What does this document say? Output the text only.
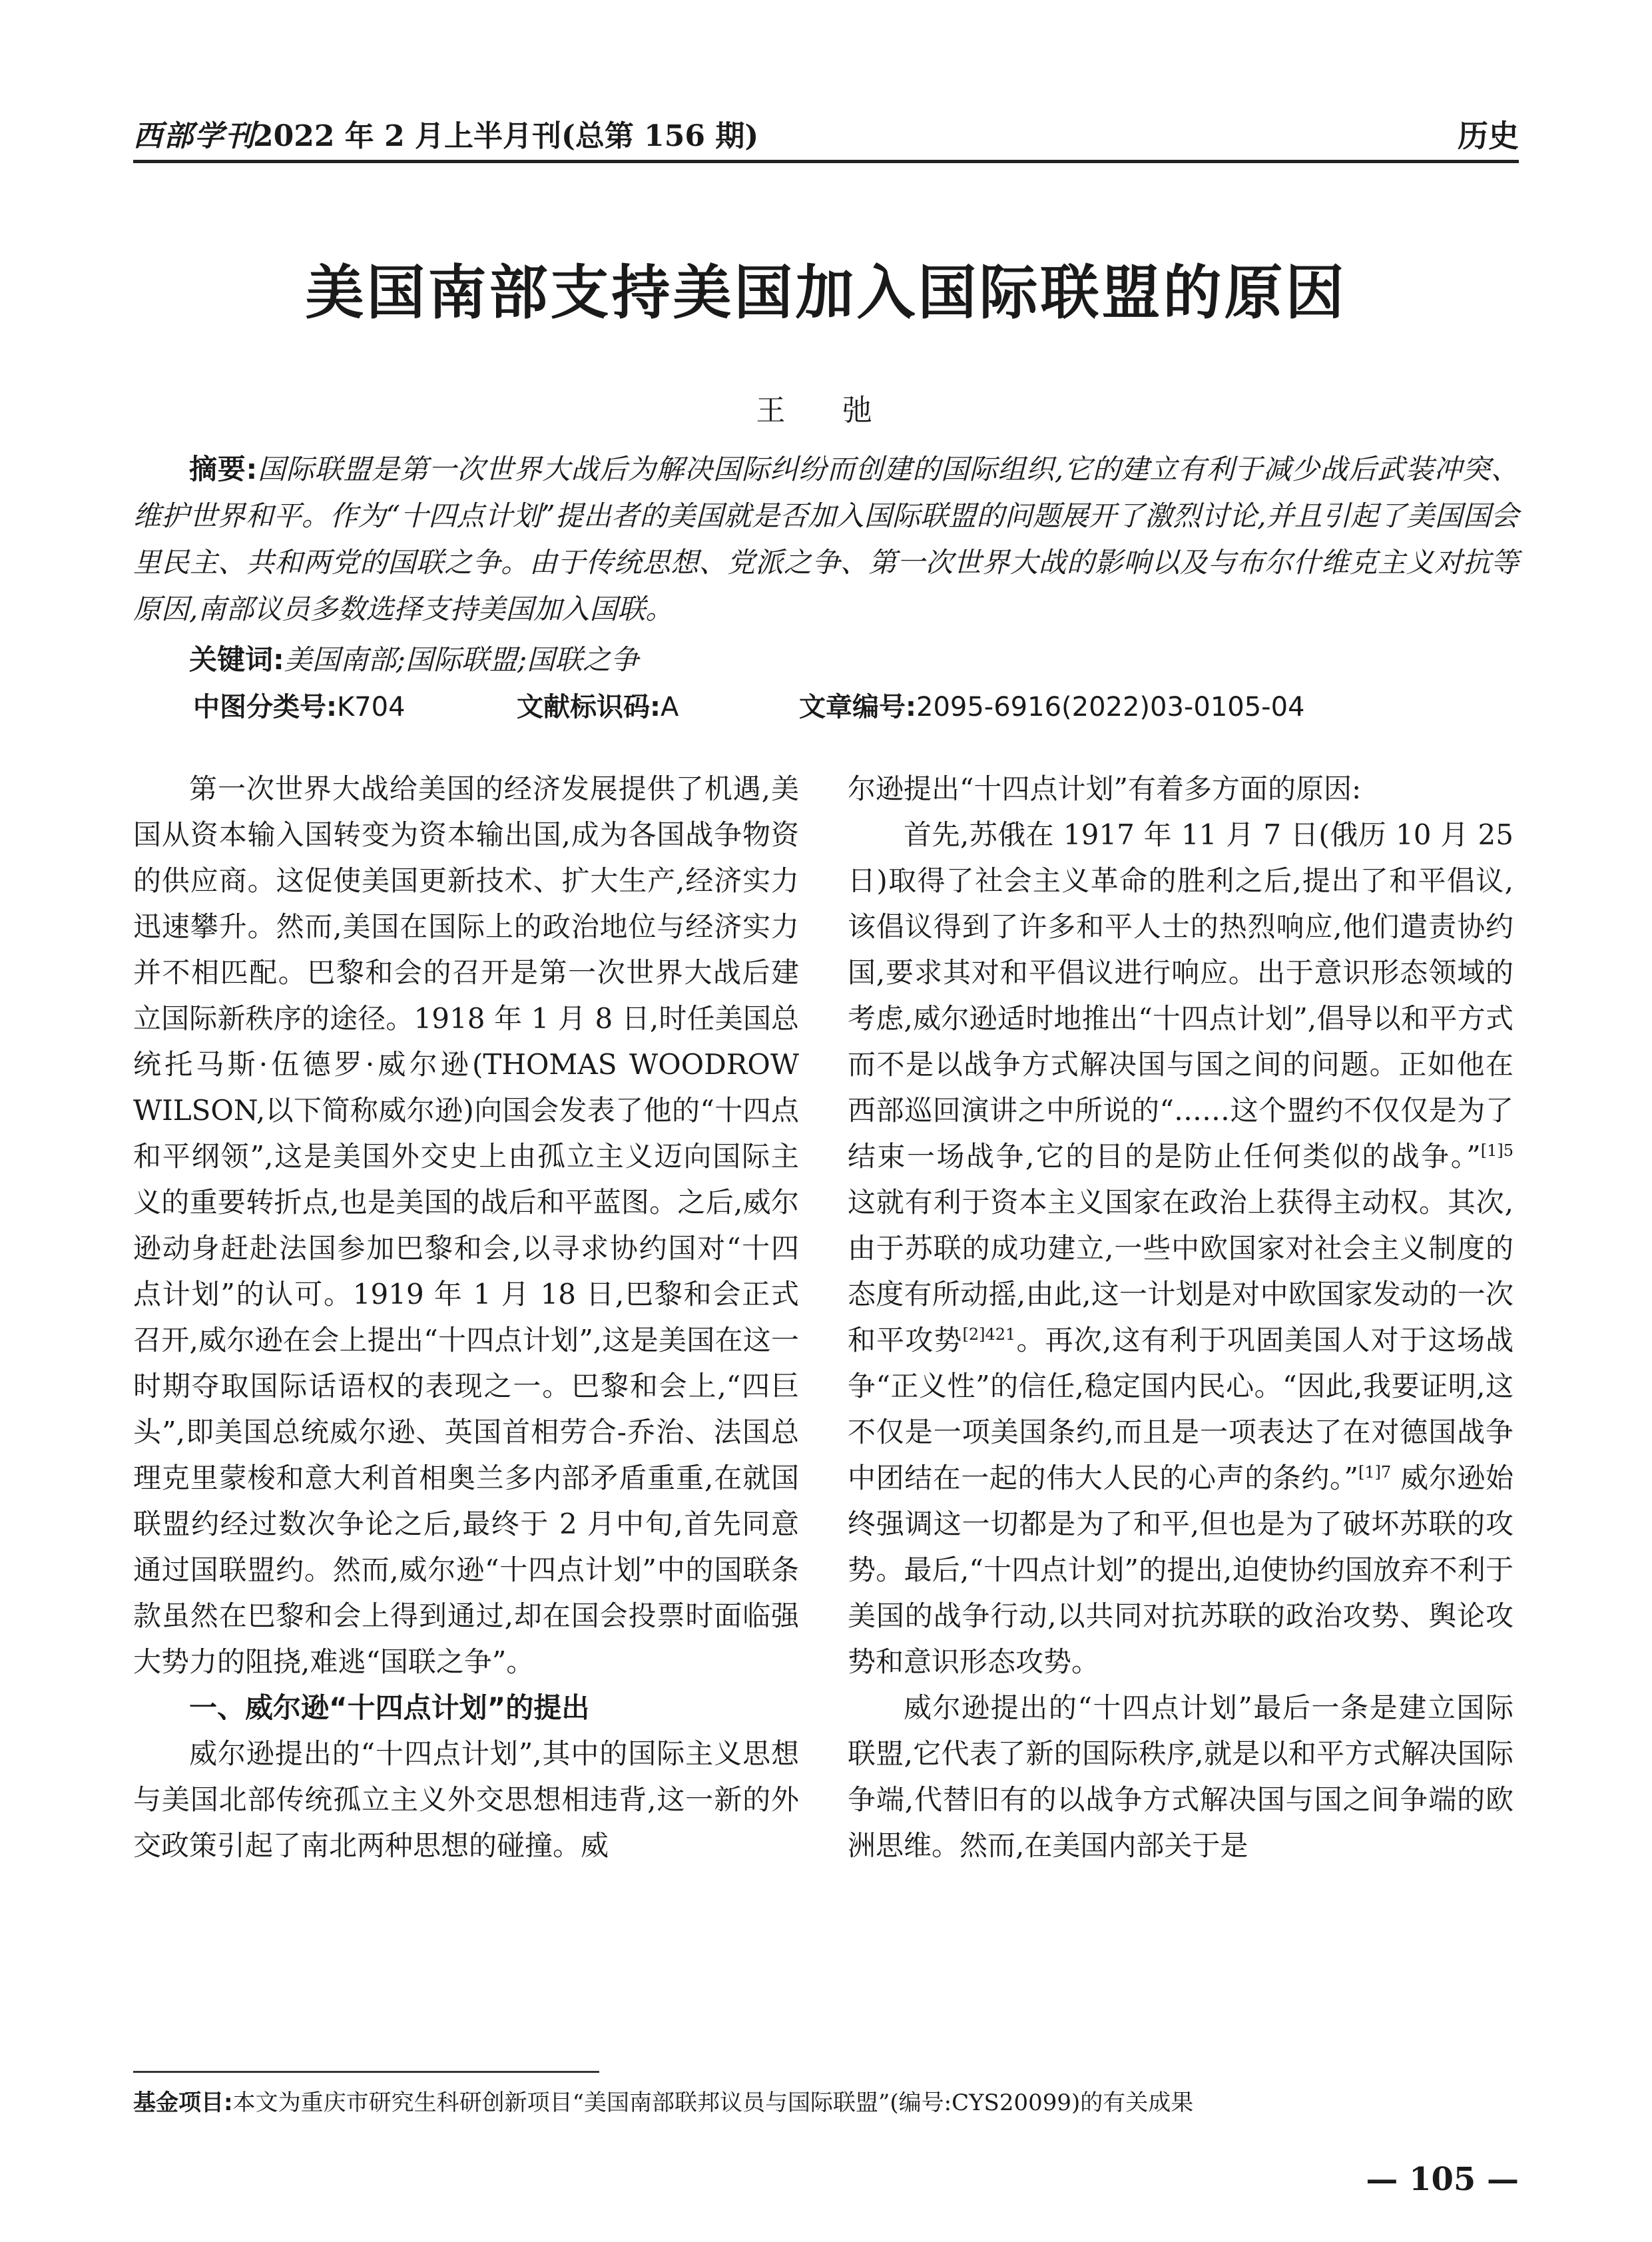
西部学刊
2022 年 2 月上半月刊(总第 156 期)	历史
美国南部支持美国加入国际联盟的原因
王 弛
摘要:国际联盟是第一次世界大战后为解决国际纠纷而创建的国际组织,它的建立有利于减少战后武装冲突、维护世界和平。作为“十四点计划”提出者的美国就是否加入国际联盟的问题展开了激烈讨论,并且引起了美国国会里民主、共和两党的国联之争。由于传统思想、党派之争、第一次世界大战的影响以及与布尔什维克主义对抗等原因,南部议员多数选择支持美国加入国联。
关键词:美国南部;国际联盟;国联之争
中图分类号:K704	文献标识码:A	文章编号:2095-6916(2022)03-0105-04

第一次世界大战给美国的经济发展提供了机遇,美国从资本输入国转变为资本输出国,成为各国战争物资的供应商。这促使美国更新技术、扩大生产,经济实力迅速攀升。然而,美国在国际上的政治地位与经济实力并不相匹配。巴黎和会的召开是第一次世界大战后建立国际新秩序的途径。1918 年 1 月 8 日,时任美国总统托马斯·伍德罗·威尔逊(THOMAS WOODROW WILSON,以下简称威尔逊)向国会发表了他的“十四点和平纲领”,这是美国外交史上由孤立主义迈向国际主义的重要转折点,也是美国的战后和平蓝图。之后,威尔逊动身赶赴法国参加巴黎和会,以寻求协约国对“十四点计划”的认可。1919 年 1 月 18 日,巴黎和会正式召开,威尔逊在会上提出“十四点计划”,这是美国在这一时期夺取国际话语权的表现之一。巴黎和会上,“四巨头”,即美国总统威尔逊、英国首相劳合-乔治、法国总理克里蒙梭和意大利首相奥兰多内部矛盾重重,在就国联盟约经过数次争论之后,最终于 2 月中旬,首先同意通过国联盟约。然而,威尔逊“十四点计划”中的国联条款虽然在巴黎和会上得到通过,却在国会投票时面临强大势力的阻挠,难逃“国联之争”。

一、威尔逊“十四点计划”的提出

威尔逊提出的“十四点计划”,其中的国际主义思想与美国北部传统孤立主义外交思想相违背,这一新的外交政策引起了南北两种思想的碰撞。威

尔逊提出“十四点计划”有着多方面的原因:

首先,苏俄在 1917 年 11 月 7 日(俄历 10 月 25 日)取得了社会主义革命的胜利之后,提出了和平倡议,该倡议得到了许多和平人士的热烈响应,他们遣责协约国,要求其对和平倡议进行响应。出于意识形态领域的考虑,威尔逊适时地推出“十四点计划”,倡导以和平方式而不是以战争方式解决国与国之间的问题。正如他在西部巡回演讲之中所说的“……这个盟约不仅仅是为了结束一场战争,它的目的是防止任何类似的战争。”$^{[1]5}$ 这就有利于资本主义国家在政治上获得主动权。其次,由于苏联的成功建立,一些中欧国家对社会主义制度的态度有所动摇,由此,这一计划是对中欧国家发动的一次和平攻势$^{[2]421}$。再次,这有利于巩固美国人对于这场战争“正义性”的信任,稳定国内民心。“因此,我要证明,这不仅是一项美国条约,而且是一项表达了在对德国战争中团结在一起的伟大人民的心声的条约。”$^{[1]7}$ 威尔逊始终强调这一切都是为了和平,但也是为了破坏苏联的攻势。最后,“十四点计划”的提出,迫使协约国放弃不利于美国的战争行动,以共同对抗苏联的政治攻势、舆论攻势和意识形态攻势。

威尔逊提出的“十四点计划”最后一条是建立国际联盟,它代表了新的国际秩序,就是以和平方式解决国际争端,代替旧有的以战争方式解决国与国之间争端的欧洲思维。然而,在美国内部关于是

基金项目:本文为重庆市研究生科研创新项目“美国南部联邦议员与国际联盟”(编号:CYS20099)的有关成果
— 105 —
